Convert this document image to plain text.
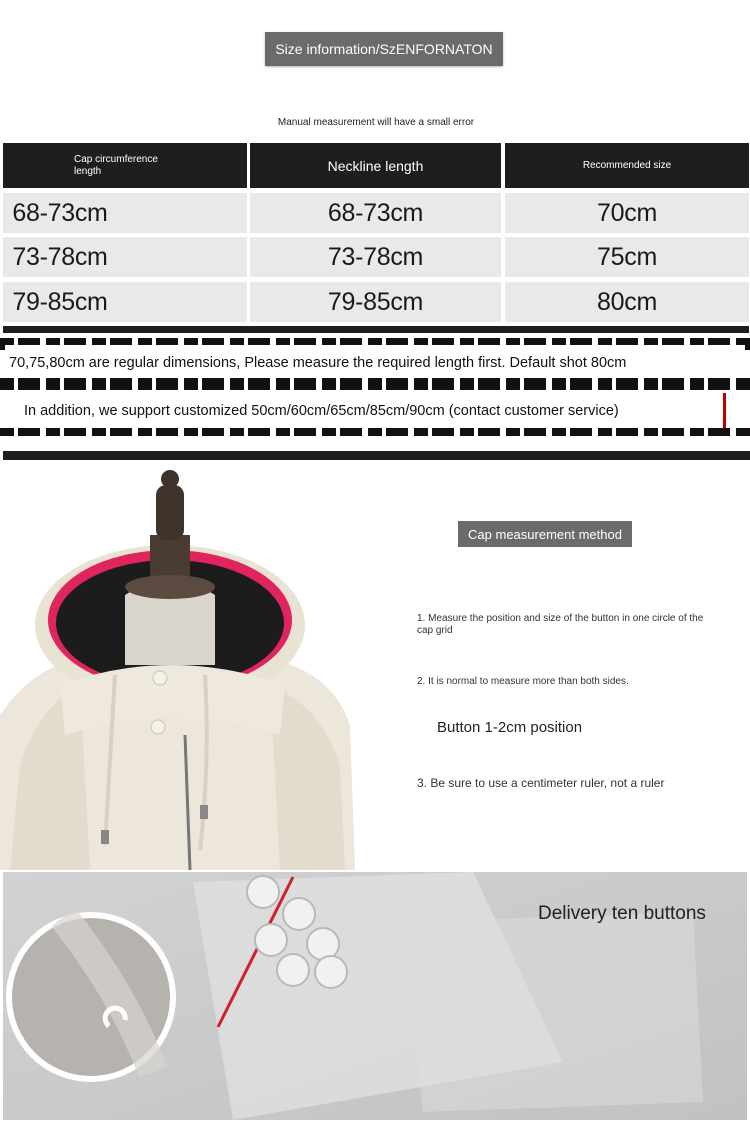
Size information/SzENFORNATON
Manual measurement will have a small error
Cap circumference length	Neckline length	Recommended size
68-73cm	68-73cm	70cm
73-78cm	73-78cm	75cm
79-85cm	79-85cm	80cm
70,75,80cm are regular dimensions, Please measure the required length first. Default shot 80cm
In addition, we support customized 50cm/60cm/65cm/85cm/90cm (contact customer service)
Cap measurement method
1. Measure the position and size of the button in one circle of the cap grid
2. It is normal to measure more than both sides.
Button 1-2cm position
3. Be sure to use a centimeter ruler, not a ruler
Delivery ten buttons
